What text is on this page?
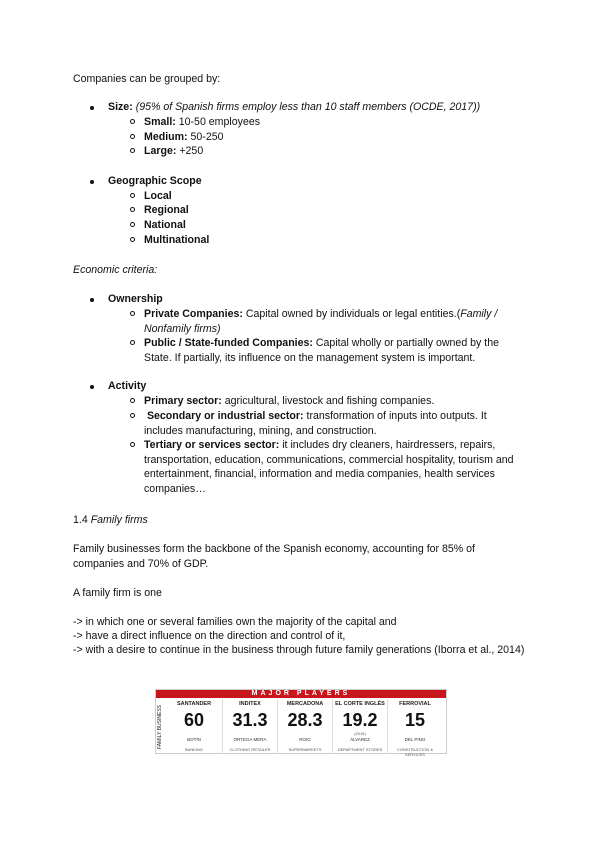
Companies can be grouped by:
Size: (95% of Spanish firms employ less than 10 staff members (OCDE, 2017))
Small: 10-50 employees
Medium: 50-250
Large: +250
Geographic Scope
Local
Regional
National
Multinational
Economic criteria:
Ownership
Private Companies: Capital owned by individuals or legal entities.(Family / Nonfamily firms)
Public / State-funded Companies: Capital wholly or partially owned by the State. If partially, its influence on the management system is important.
Activity
Primary sector: agricultural, livestock and fishing companies.
Secondary or industrial sector: transformation of inputs into outputs. It includes manufacturing, mining, and construction.
Tertiary or services sector: it includes dry cleaners, hairdressers, repairs, transportation, education, communications, commercial hospitality, tourism and entertainment, financial, information and media companies, health services companies…
1.4 Family firms
Family businesses form the backbone of the Spanish economy, accounting for 85% of companies and 70% of GDP.
A family firm is one
-> in which one or several families own the majority of the capital and
-> have a direct influence on the direction and control of it,
-> with a desire to continue in the business through future family generations (Iborra et al., 2014)
MAJOR PLAYERS
FAMILY BUSINESS
SANTANDER
60
BOTÍN
BANKING
INDITEX
31.3
ORTEGA MERA
CLOTHING RETAILER
MERCADONA
28.3
ROIG
SUPERMARKETS
EL CORTE INGLÉS
19.2
(2016)
ÁLVAREZ
DEPARTMENT STORES
FERROVIAL
15
DEL PINO
CONSTRUCTION & SERVICES
